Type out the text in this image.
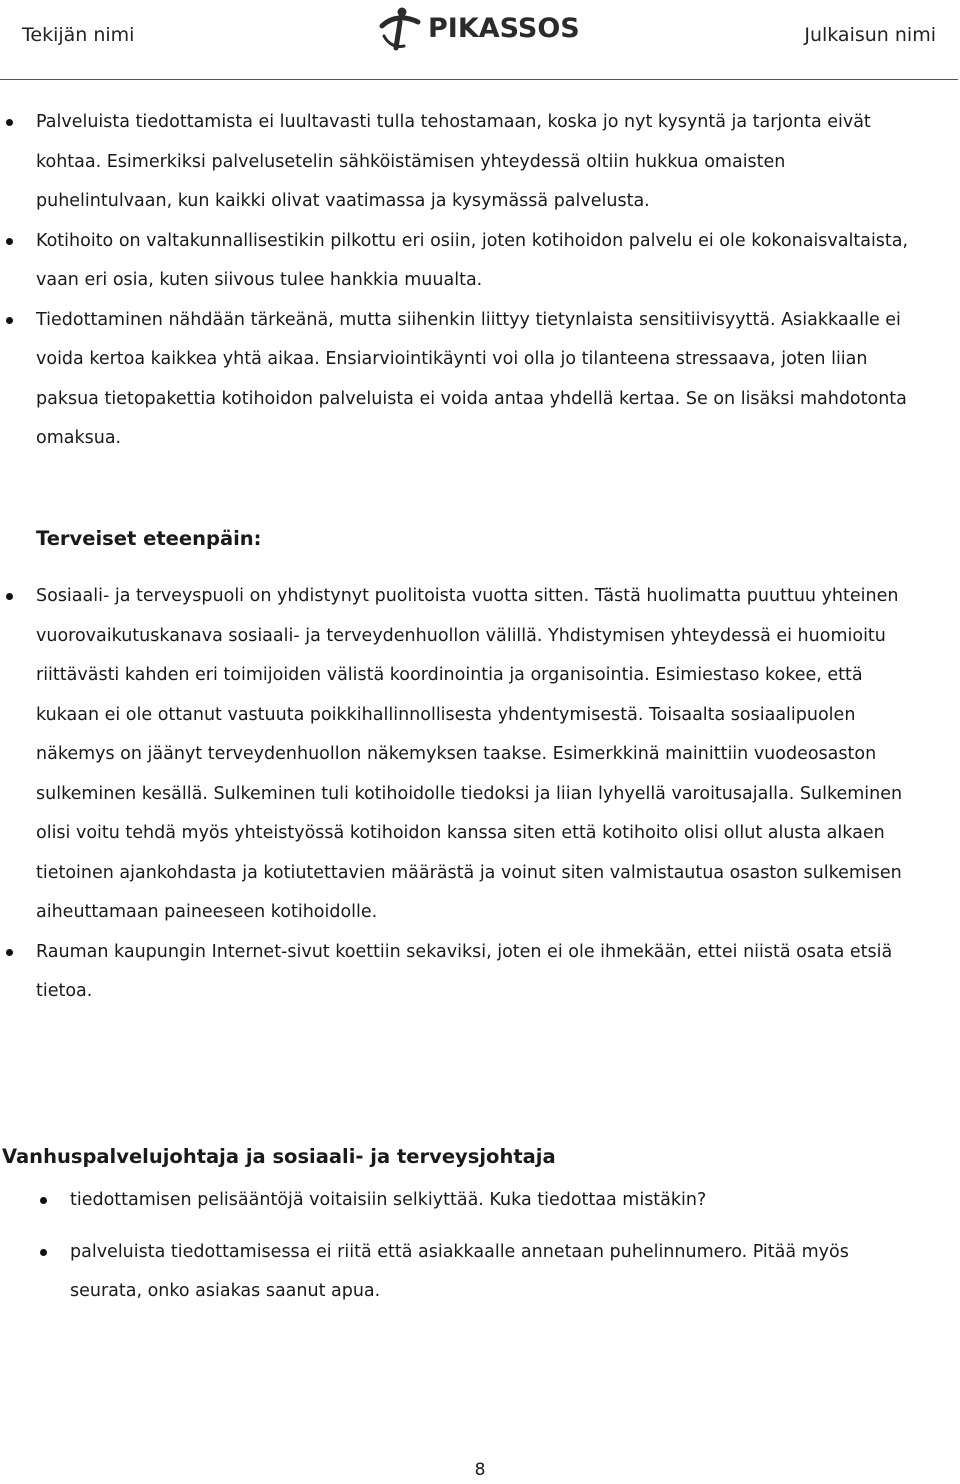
Tekijän nimi	PIKASSOS	Julkaisun nimi
Palveluista tiedottamista ei luultavasti tulla tehostamaan, koska jo nyt kysyntä ja tarjonta eivät kohtaa. Esimerkiksi palvelusetelin sähköistämisen yhteydessä oltiin hukkua omaisten puhelintulvaan, kun kaikki olivat vaatimassa ja kysymässä palvelusta.
Kotihoito on valtakunnallisestikin pilkottu eri osiin, joten kotihoidon palvelu ei ole kokonaisvaltaista, vaan eri osia, kuten siivous tulee hankkia muualta.
Tiedottaminen nähdään tärkeänä, mutta siihenkin liittyy tietynlaista sensitiivisyyttä. Asiakkaalle ei voida kertoa kaikkea yhtä aikaa. Ensiarviointikäynti voi olla jo tilanteena stressaava, joten liian paksua tietopakettia kotihoidon palveluista ei voida antaa yhdellä kertaa. Se on lisäksi mahdotonta omaksua.
Terveiset eteenpäin:
Sosiaali- ja terveyspuoli on yhdistynyt puolitoista vuotta sitten. Tästä huolimatta puuttuu yhteinen vuorovaikutuskanava sosiaali- ja terveydenhuollon välillä. Yhdistymisen yhteydessä ei huomioitu riittävästi kahden eri toimijoiden välistä koordinointia ja organisointia. Esimiestaso kokee, että kukaan ei ole ottanut vastuuta poikkihallinnollisesta yhdentymisestä. Toisaalta sosiaalipuolen näkemys on jäänyt terveydenhuollon näkemyksen taakse. Esimerkkinä mainittiin vuodeosaston sulkeminen kesällä. Sulkeminen tuli kotihoidolle tiedoksi ja liian lyhyellä varoitusajalla. Sulkeminen olisi voitu tehdä myös yhteistyössä kotihoidon kanssa siten että kotihoito olisi ollut alusta alkaen tietoinen ajankohdasta ja kotiutettavien määrästä ja voinut siten valmistautua osaston sulkemisen aiheuttamaan paineeseen kotihoidolle.
Rauman kaupungin Internet-sivut koettiin sekaviksi, joten ei ole ihmekään, ettei niistä osata etsiä tietoa.
Vanhuspalvelujohtaja ja sosiaali- ja terveysjohtaja
tiedottamisen pelisääntöjä voitaisiin selkiyttää. Kuka tiedottaa mistäkin?
palveluista tiedottamisessa ei riitä että asiakkaalle annetaan puhelinnumero. Pitää myös seurata, onko asiakas saanut apua.
8
